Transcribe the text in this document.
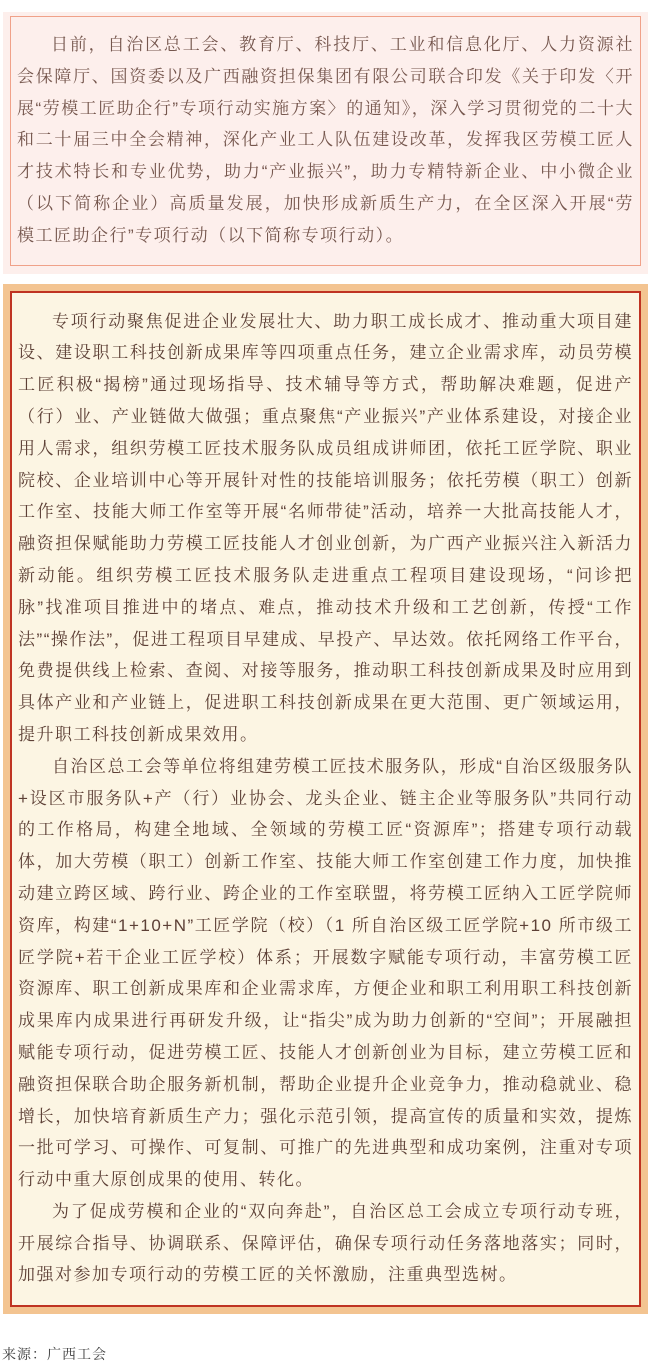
日前，自治区总工会、教育厅、科技厅、工业和信息化厅、人力资源社会保障厅、国资委以及广西融资担保集团有限公司联合印发《关于印发〈开展“劳模工匠助企行”专项行动实施方案〉的通知》，深入学习贯彻党的二十大和二十届三中全会精神，深化产业工人队伍建设改革，发挥我区劳模工匠人才技术特长和专业优势，助力“产业振兴”，助力专精特新企业、中小微企业（以下简称企业）高质量发展，加快形成新质生产力，在全区深入开展“劳模工匠助企行”专项行动（以下简称专项行动）。

专项行动聚焦促进企业发展壮大、助力职工成长成才、推动重大项目建设、建设职工科技创新成果库等四项重点任务，建立企业需求库，动员劳模工匠积极“揭榜”通过现场指导、技术辅导等方式，帮助解决难题，促进产（行）业、产业链做大做强；重点聚焦“产业振兴”产业体系建设，对接企业用人需求，组织劳模工匠技术服务队成员组成讲师团，依托工匠学院、职业院校、企业培训中心等开展针对性的技能培训服务；依托劳模（职工）创新工作室、技能大师工作室等开展“名师带徒”活动，培养一大批高技能人才，融资担保赋能助力劳模工匠技能人才创业创新，为广西产业振兴注入新活力新动能。组织劳模工匠技术服务队走进重点工程项目建设现场，“问诊把脉”找准项目推进中的堵点、难点，推动技术升级和工艺创新，传授“工作法”“操作法”，促进工程项目早建成、早投产、早达效。依托网络工作平台，免费提供线上检索、查阅、对接等服务，推动职工科技创新成果及时应用到具体产业和产业链上，促进职工科技创新成果在更大范围、更广领域运用，提升职工科技创新成果效用。

自治区总工会等单位将组建劳模工匠技术服务队，形成“自治区级服务队+设区市服务队+产（行）业协会、龙头企业、链主企业等服务队”共同行动的工作格局，构建全地域、全领域的劳模工匠“资源库”；搭建专项行动载体，加大劳模（职工）创新工作室、技能大师工作室创建工作力度，加快推动建立跨区域、跨行业、跨企业的工作室联盟，将劳模工匠纳入工匠学院师资库，构建“1+10+N”工匠学院（校）（1 所自治区级工匠学院+10 所市级工匠学院+若干企业工匠学校）体系；开展数字赋能专项行动，丰富劳模工匠资源库、职工创新成果库和企业需求库，方便企业和职工利用职工科技创新成果库内成果进行再研发升级，让“指尖”成为助力创新的“空间”；开展融担赋能专项行动，促进劳模工匠、技能人才创新创业为目标，建立劳模工匠和融资担保联合助企服务新机制，帮助企业提升企业竞争力，推动稳就业、稳增长，加快培育新质生产力；强化示范引领，提高宣传的质量和实效，提炼一批可学习、可操作、可复制、可推广的先进典型和成功案例，注重对专项行动中重大原创成果的使用、转化。

为了促成劳模和企业的“双向奔赴”，自治区总工会成立专项行动专班，开展综合指导、协调联系、保障评估，确保专项行动任务落地落实；同时，加强对参加专项行动的劳模工匠的关怀激励，注重典型选树。

来源：广西工会
